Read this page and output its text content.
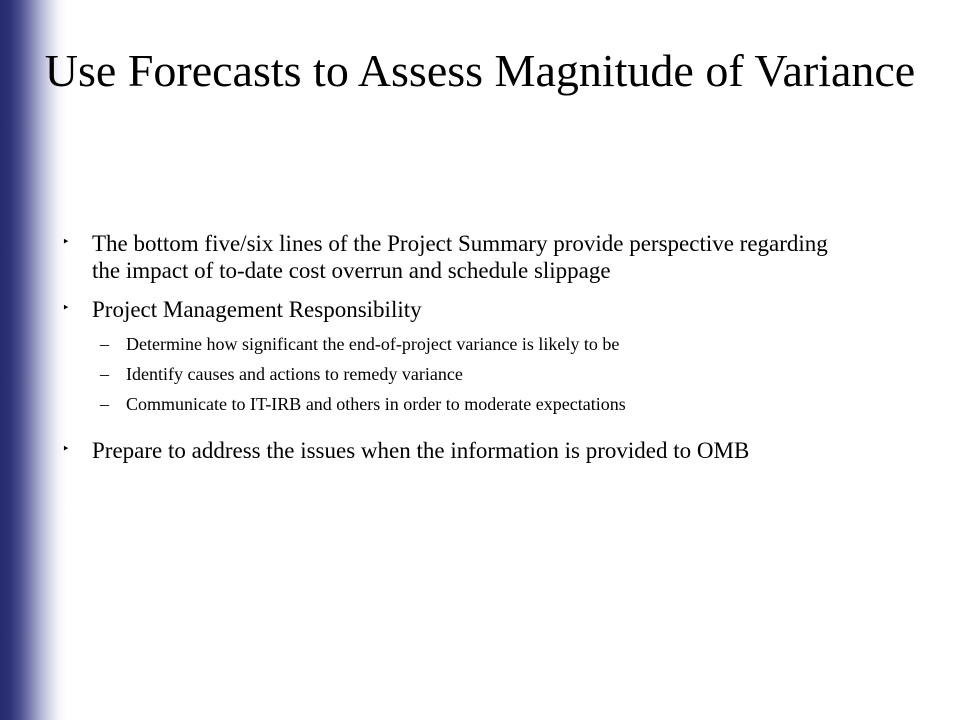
Use Forecasts to Assess Magnitude of Variance
‣ The bottom five/six lines of the Project Summary provide perspective regarding the impact of to-date cost overrun and schedule slippage
‣ Project Management Responsibility
– Determine how significant the end-of-project variance is likely to be
– Identify causes and actions to remedy variance
– Communicate to IT-IRB and others in order to moderate expectations
‣ Prepare to address the issues when the information is provided to OMB
